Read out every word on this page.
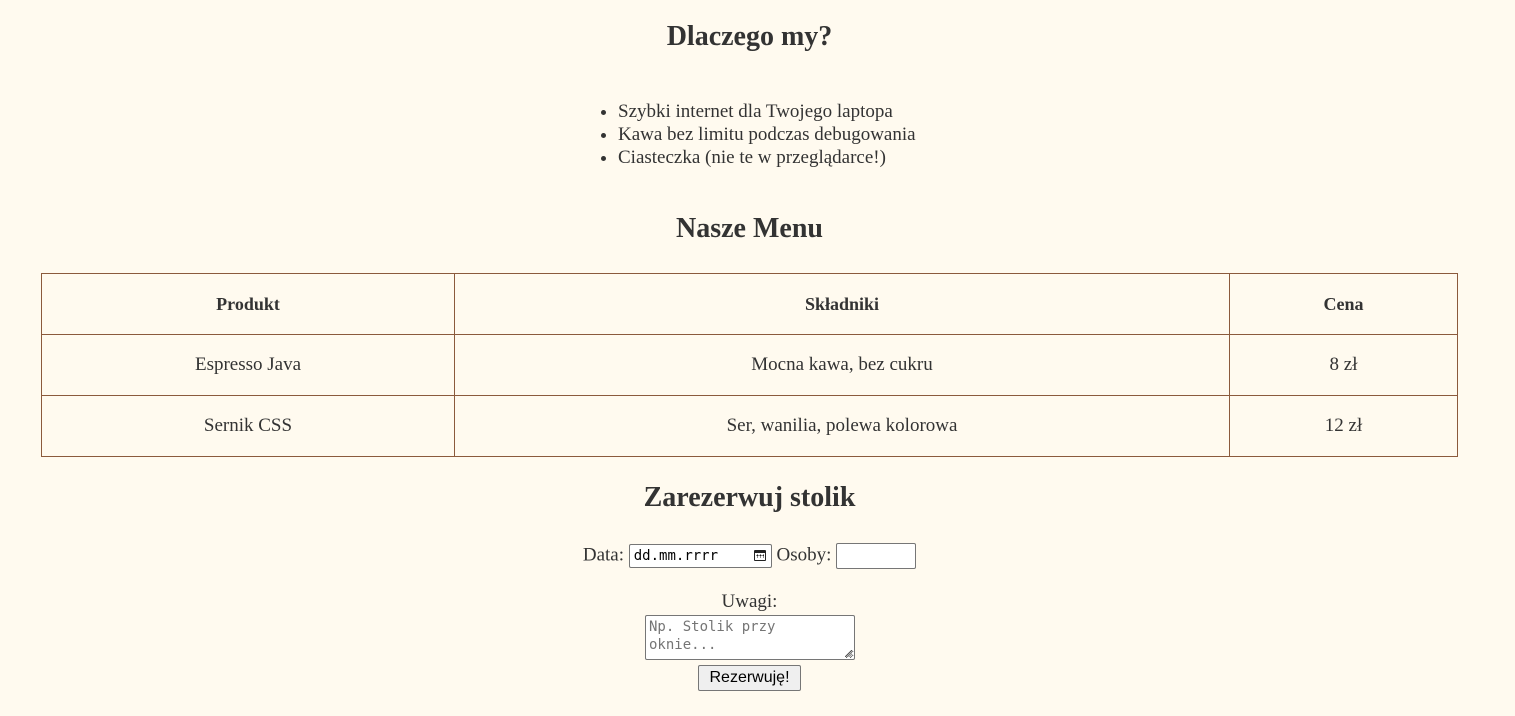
Dlaczego my?
• Szybki internet dla Twojego laptopa
• Kawa bez limitu podczas debugowania
• Ciasteczka (nie te w przeglądarce!)
Nasze Menu
Produkt	Składniki	Cena
Espresso Java	Mocna kawa, bez cukru	8 zł
Sernik CSS	Ser, wanilia, polewa kolorowa	12 zł
Zarezerwuj stolik
Data: dd.mm.rrrr	Osoby:
Uwagi:
Np. Stolik przy oknie...
Rezerwuję!
